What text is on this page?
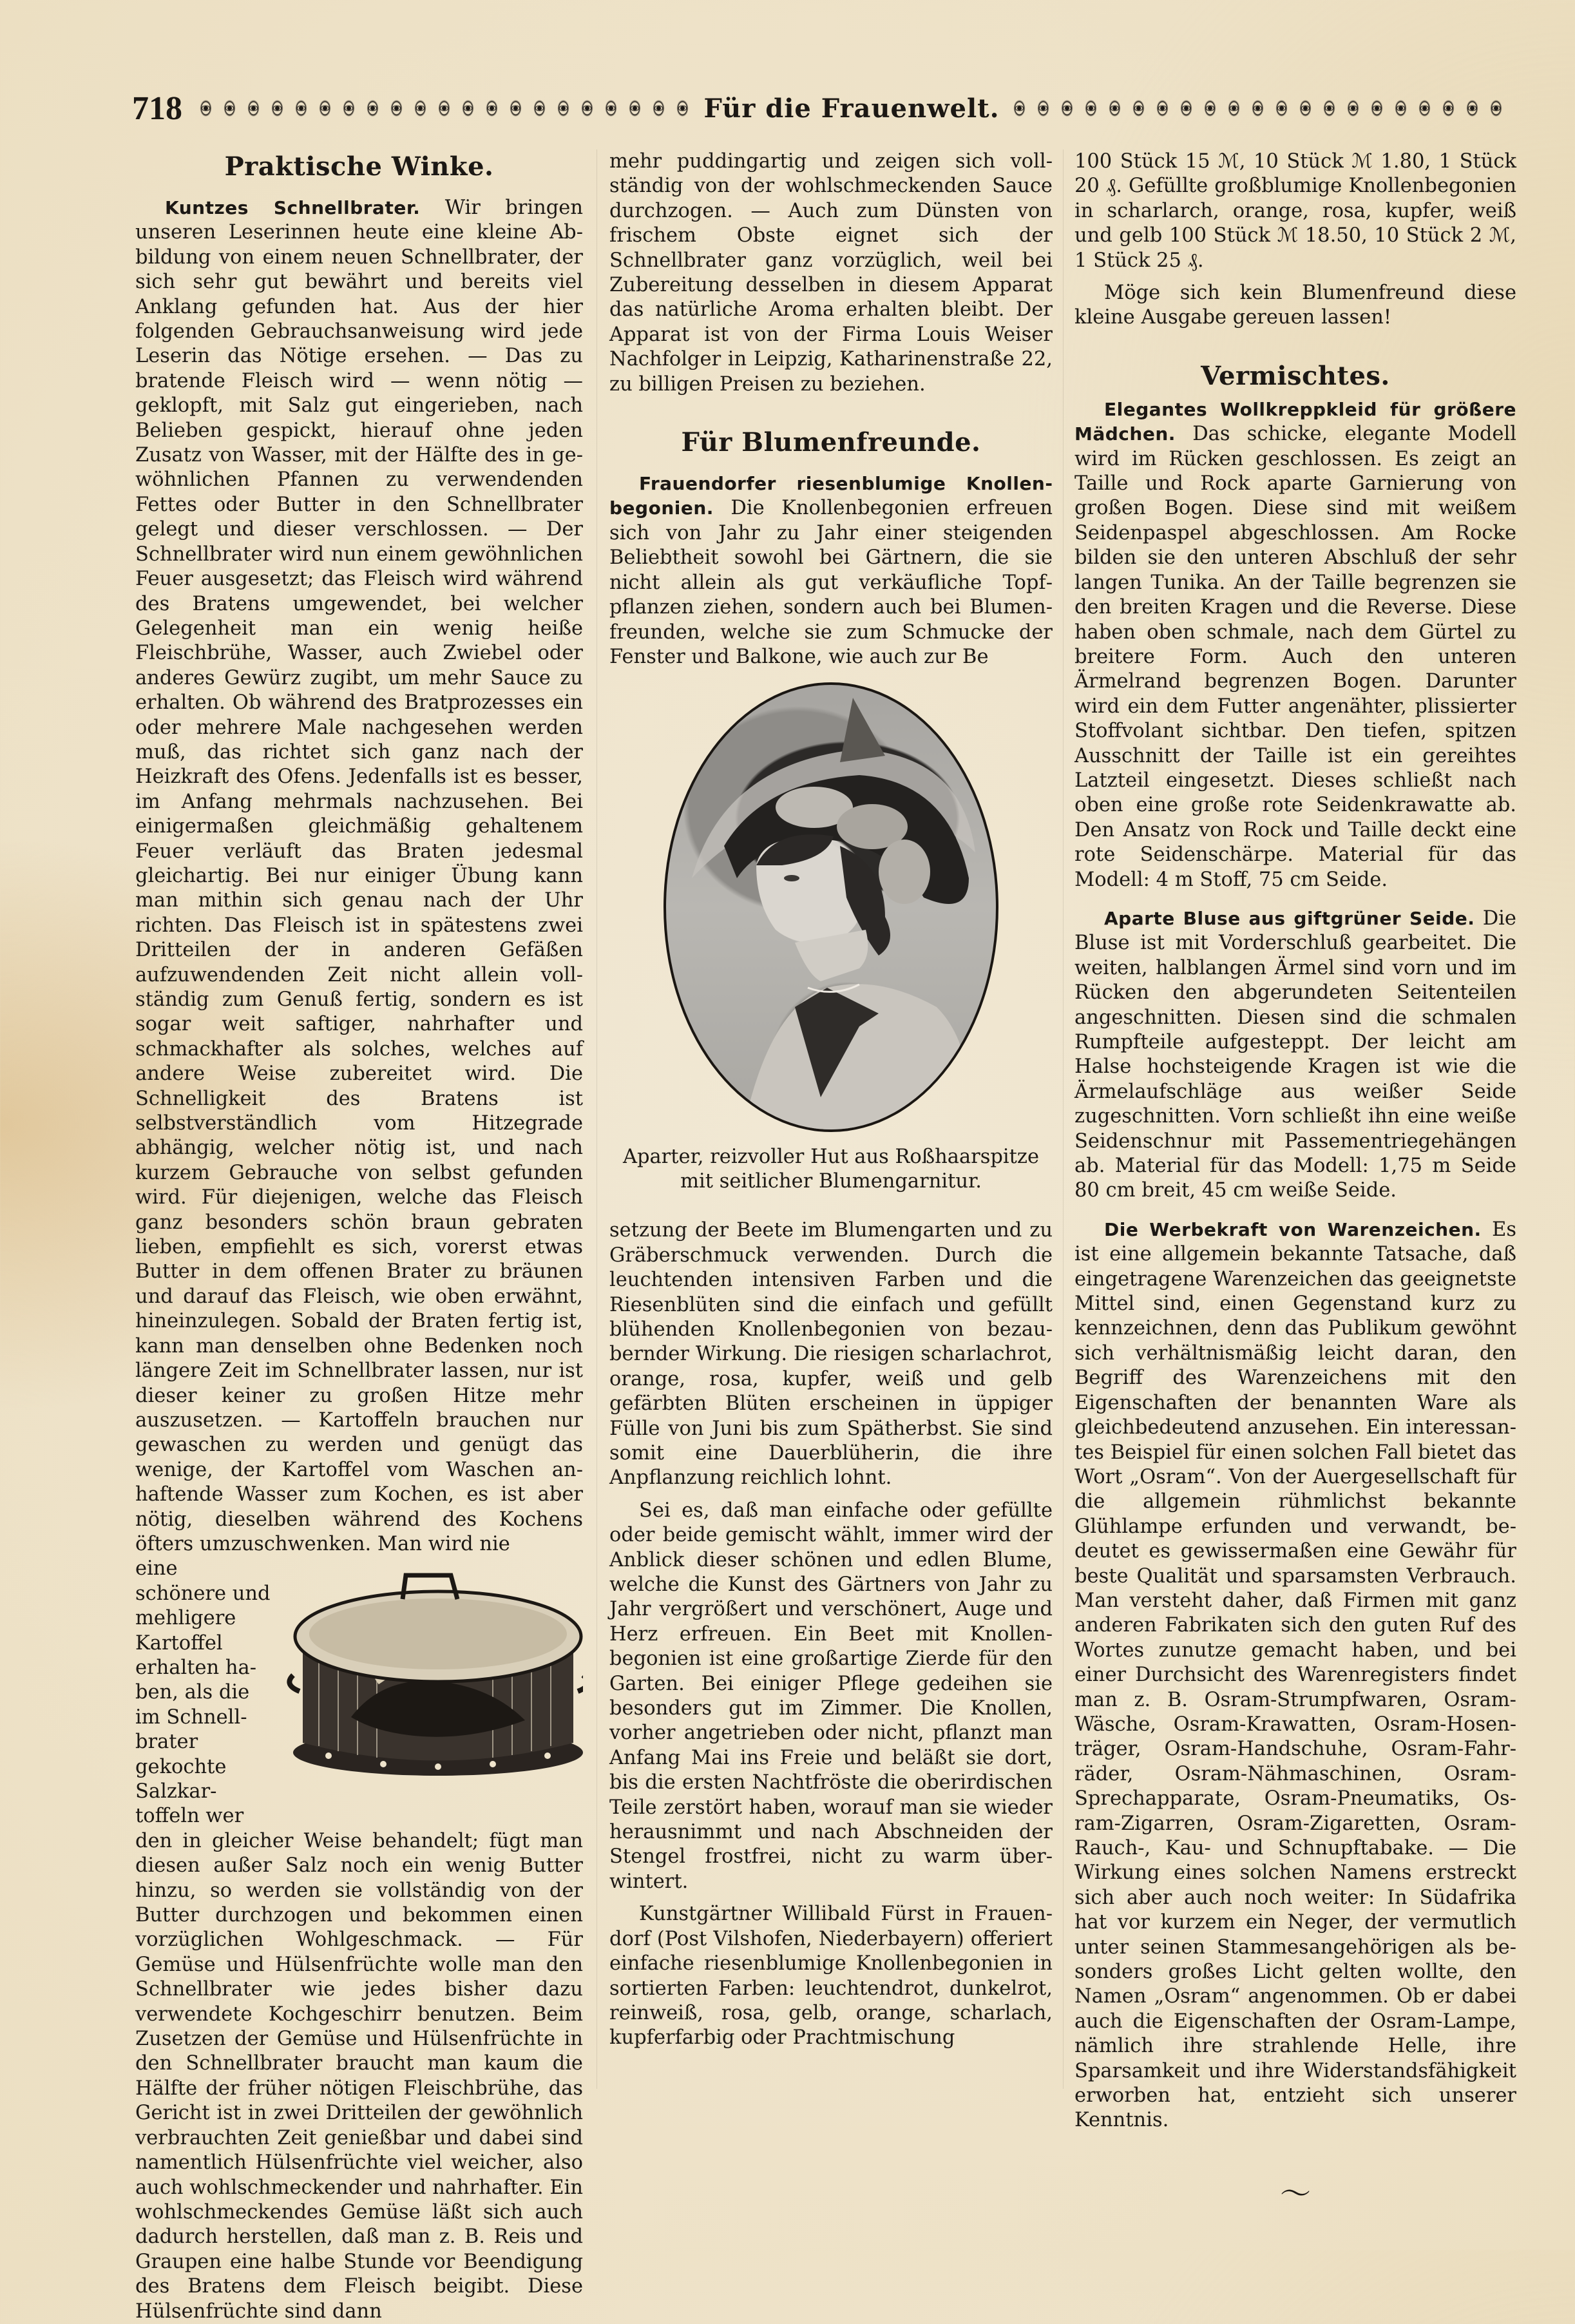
718	Für die Frauenwelt.
Praktische Winke.

Kuntzes Schnellbrater. Wir bringen unseren Leserinnen heute eine kleine Abbildung von einem neuen Schnellbrater, der sich sehr gut bewährt und bereits viel Anklang gefunden hat. Aus der hier folgenden Gebrauchsanweisung wird jede Leserin das Nötige ersehen. — Das zu bratende Fleisch wird — wenn nötig — geklopft, mit Salz gut eingerieben, nach Belieben gespickt, hierauf ohne jeden Zusatz von Wasser, mit der Hälfte des in gewöhnlichen Pfannen zu verwendenden Fettes oder Butter in den Schnellbrater gelegt und dieser verschlossen. — Der Schnellbrater wird nun einem gewöhnlichen Feuer ausgesetzt; das Fleisch wird während des Bratens umgewendet, bei welcher Gelegenheit man ein wenig heiße Fleischbrühe, Wasser, auch Zwiebel oder anderes Gewürz zugibt, um mehr Sauce zu erhalten. Ob während des Bratprozesses ein oder mehrere Male nachgesehen werden muß, das richtet sich ganz nach der Heizkraft des Ofens. Jedenfalls ist es besser, im Anfang mehrmals nachzusehen. Bei einigermaßen gleichmäßig gehaltenem Feuer verläuft das Braten jedesmal gleichartig. Bei nur einiger Übung kann man mithin sich genau nach der Uhr richten. Das Fleisch ist in spätestens zwei Dritteilen der in anderen Gefäßen aufzuwendenden Zeit nicht allein vollständig zum Genuß fertig, sondern es ist sogar weit saftiger, nahrhafter und schmackhafter als solches, welches auf andere Weise zubereitet wird. Die Schnelligkeit des Bratens ist selbstverständlich vom Hitzegrade abhängig, welcher nötig ist, und nach kurzem Gebrauche von selbst gefunden wird. Für diejenigen, welche das Fleisch ganz besonders schön braun gebraten lieben, empfiehlt es sich, vorerst etwas Butter in dem offenen Brater zu bräunen und darauf das Fleisch, wie oben erwähnt, hineinzulegen. Sobald der Braten fertig ist, kann man denselben ohne Bedenken noch längere Zeit im Schnellbrater lassen, nur ist dieser keiner zu großen Hitze mehr auszusetzen. — Kartoffeln brauchen nur gewaschen zu werden und genügt das wenige, der Kartoffel vom Waschen anhaftende Wasser zum Kochen, es ist aber nötig, dieselben während des Kochens öfters umzuschwenken. Man wird nie

eine schönere und mehligere Kartoffel erhalten haben, als die im Schnellbrater gekochte Salzkartoffeln wer

den in gleicher Weise behandelt; fügt man diesen außer Salz noch ein wenig Butter hinzu, so werden sie vollständig von der Butter durchzogen und bekommen einen vorzüglichen Wohlgeschmack. — Für Gemüse und Hülsenfrüchte wolle man den Schnellbrater wie jedes bisher dazu verwendete Kochgeschirr benutzen. Beim Zusetzen der Gemüse und Hülsenfrüchte in den Schnellbrater braucht man kaum die Hälfte der früher nötigen Fleischbrühe, das Gericht ist in zwei Dritteilen der gewöhnlich verbrauchten Zeit genießbar und dabei sind namentlich Hülsenfrüchte viel weicher, also auch wohlschmeckender und nahrhafter. Ein wohlschmeckendes Gemüse läßt sich auch dadurch herstellen, daß man z. B. Reis und Graupen eine halbe Stunde vor Beendigung des Bratens dem Fleisch beigibt. Diese Hülsenfrüchte sind dann

mehr puddingartig und zeigen sich vollständig von der wohlschmeckenden Sauce durchzogen. — Auch zum Dünsten von frischem Obste eignet sich der Schnellbrater ganz vorzüglich, weil bei Zubereitung desselben in diesem Apparat das natürliche Aroma erhalten bleibt. Der Apparat ist von der Firma Louis Weiser Nachfolger in Leipzig, Katharinenstraße 22, zu billigen Preisen zu beziehen.

Für Blumenfreunde.

Frauendorfer riesenblumige Knollenbegonien. Die Knollenbegonien erfreuen sich von Jahr zu Jahr einer steigenden Beliebtheit sowohl bei Gärtnern, die sie nicht allein als gut verkäufliche Topfpflanzen ziehen, sondern auch bei Blumenfreunden, welche sie zum Schmucke der Fenster und Balkone, wie auch zur Be

Aparter, reizvoller Hut aus Roßhaarspitze mit seitlicher Blumengarnitur.

setzung der Beete im Blumengarten und zu Gräberschmuck verwenden. Durch die leuchtenden intensiven Farben und die Riesenblüten sind die einfach und gefüllt blühenden Knollenbegonien von bezaubernder Wirkung. Die riesigen scharlachrot, orange, rosa, kupfer, weiß und gelb gefärbten Blüten erscheinen in üppiger Fülle von Juni bis zum Spätherbst. Sie sind somit eine Dauerblüherin, die ihre Anpflanzung reichlich lohnt.

Sei es, daß man einfache oder gefüllte oder beide gemischt wählt, immer wird der Anblick dieser schönen und edlen Blume, welche die Kunst des Gärtners von Jahr zu Jahr vergrößert und verschönert, Auge und Herz erfreuen. Ein Beet mit Knollenbegonien ist eine großartige Zierde für den Garten. Bei einiger Pflege gedeihen sie besonders gut im Zimmer. Die Knollen, vorher angetrieben oder nicht, pflanzt man Anfang Mai ins Freie und beläßt sie dort, bis die ersten Nachtfröste die oberirdischen Teile zerstört haben, worauf man sie wieder herausnimmt und nach Abschneiden der Stengel frostfrei, nicht zu warm überwintert.

Kunstgärtner Willibald Fürst in Frauendorf (Post Vilshofen, Niederbayern) offeriert einfache riesenblumige Knollenbegonien in sortierten Farben: leuchtendrot, dunkelrot, reinweiß, rosa, gelb, orange, scharlach, kupferfarbig oder Prachtmischung

100 Stück 15 ℳ, 10 Stück ℳ 1.80, 1 Stück 20 ₰. Gefüllte großblumige Knollenbegonien in scharlarch, orange, rosa, kupfer, weiß und gelb 100 Stück ℳ 18.50, 10 Stück 2 ℳ, 1 Stück 25 ₰.

Möge sich kein Blumenfreund diese kleine Ausgabe gereuen lassen!

Vermischtes.

Elegantes Wollkreppkleid für größere Mädchen. Das schicke, elegante Modell wird im Rücken geschlossen. Es zeigt an Taille und Rock aparte Garnierung von großen Bogen. Diese sind mit weißem Seidenpaspel abgeschlossen. Am Rocke bilden sie den unteren Abschluß der sehr langen Tunika. An der Taille begrenzen sie den breiten Kragen und die Reverse. Diese haben oben schmale, nach dem Gürtel zu breitere Form. Auch den unteren Ärmelrand begrenzen Bogen. Darunter wird ein dem Futter angenähter, plissierter Stoffvolant sichtbar. Den tiefen, spitzen Ausschnitt der Taille ist ein gereihtes Latzteil eingesetzt. Dieses schließt nach oben eine große rote Seidenkrawatte ab. Den Ansatz von Rock und Taille deckt eine rote Seidenschärpe. Material für das Modell: 4 m Stoff, 75 cm Seide.

Aparte Bluse aus giftgrüner Seide. Die Bluse ist mit Vorderschluß gearbeitet. Die weiten, halblangen Ärmel sind vorn und im Rücken den abgerundeten Seitenteilen angeschnitten. Diesen sind die schmalen Rumpfteile aufgesteppt. Der leicht am Halse hochsteigende Kragen ist wie die Ärmelaufschläge aus weißer Seide zugeschnitten. Vorn schließt ihn eine weiße Seidenschnur mit Passementriegehängen ab. Material für das Modell: 1,75 m Seide 80 cm breit, 45 cm weiße Seide.

Die Werbekraft von Warenzeichen. Es ist eine allgemein bekannte Tatsache, daß eingetragene Warenzeichen das geeignetste Mittel sind, einen Gegenstand kurz zu kennzeichnen, denn das Publikum gewöhnt sich verhältnismäßig leicht daran, den Begriff des Warenzeichens mit den Eigenschaften der benannten Ware als gleichbedeutend anzusehen. Ein interessantes Beispiel für einen solchen Fall bietet das Wort „Osram“. Von der Auergesellschaft für die allgemein rühmlichst bekannte Glühlampe erfunden und verwandt, bedeutet es gewissermaßen eine Gewähr für beste Qualität und sparsamsten Verbrauch. Man versteht daher, daß Firmen mit ganz anderen Fabrikaten sich den guten Ruf des Wortes zunutze gemacht haben, und bei einer Durchsicht des Warenregisters findet man z. B. Osram-Strumpfwaren, Osram-Wäsche, Osram-Krawatten, Osram-Hosenträger, Osram-Handschuhe, Osram-Fahrräder, Osram-Nähmaschinen, Osram-Sprechapparate, Osram-Pneumatiks, Osram-Zigarren, Osram-Zigaretten, Osram-Rauch-, Kau- und Schnupftabake. — Die Wirkung eines solchen Namens erstreckt sich aber auch noch weiter: In Südafrika hat vor kurzem ein Neger, der vermutlich unter seinen Stammesangehörigen als besonders großes Licht gelten wollte, den Namen „Osram“ angenommen. Ob er dabei auch die Eigenschaften der Osram-Lampe, nämlich ihre strahlende Helle, ihre Sparsamkeit und ihre Widerstandsfähigkeit erworben hat, entzieht sich unserer Kenntnis.

〜
